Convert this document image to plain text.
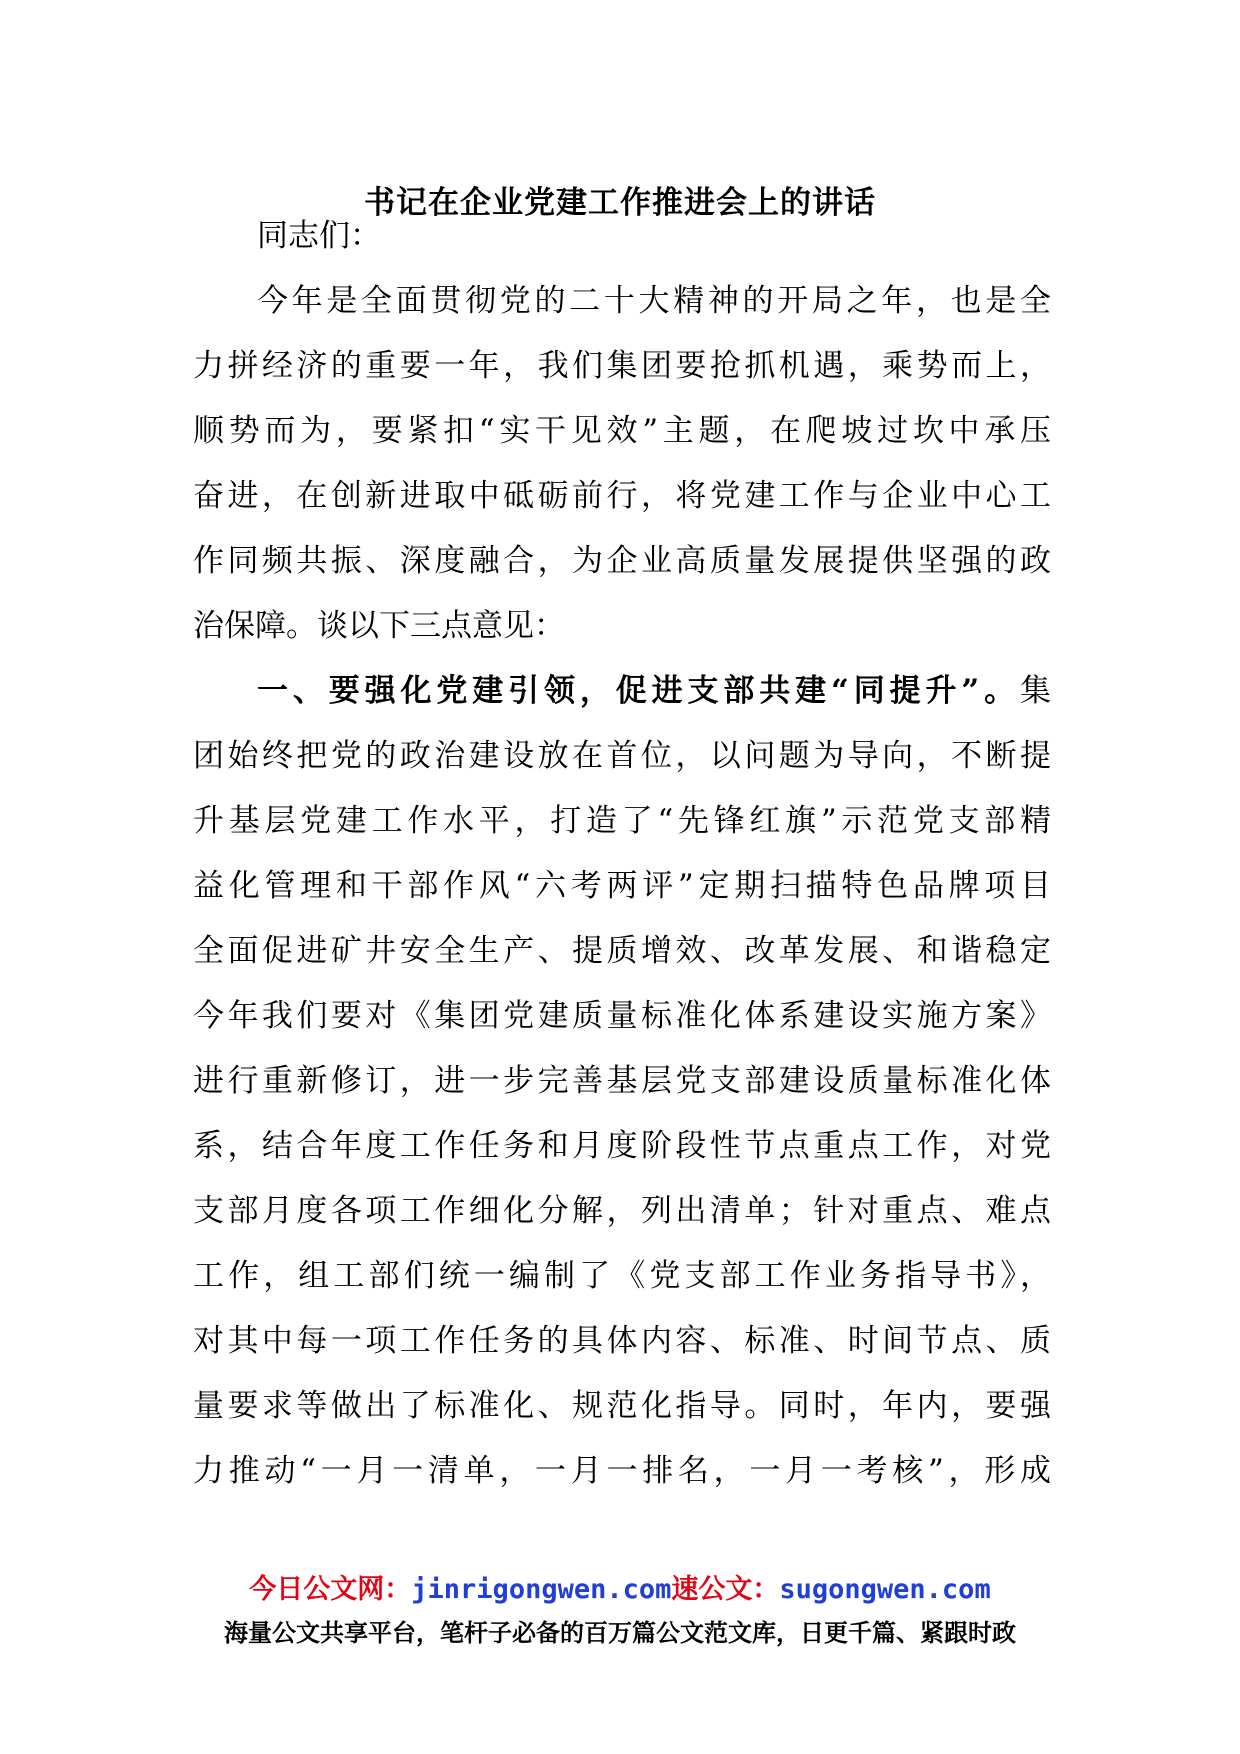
书记在企业党建工作推进会上的讲话
同志们：
今年是全面贯彻党的二十大精神的开局之年，也是全
力拼经济的重要一年，我们集团要抢抓机遇，乘势而上，
顺势而为，要紧扣“实干见效”主题，在爬坡过坎中承压
奋进，在创新进取中砥砺前行，将党建工作与企业中心工
作同频共振、深度融合，为企业高质量发展提供坚强的政
治保障。谈以下三点意见：
一、要强化党建引领，促进支部共建“同提升”。集
团始终把党的政治建设放在首位，以问题为导向，不断提
升基层党建工作水平，打造了“先锋红旗”示范党支部精
益化管理和干部作风“六考两评”定期扫描特色品牌项目
全面促进矿井安全生产、提质增效、改革发展、和谐稳定
今年我们要对《集团党建质量标准化体系建设实施方案》
进行重新修订，进一步完善基层党支部建设质量标准化体
系，结合年度工作任务和月度阶段性节点重点工作，对党
支部月度各项工作细化分解，列出清单；针对重点、难点
工作，组工部们统一编制了《党支部工作业务指导书》，
对其中每一项工作任务的具体内容、标准、时间节点、质
量要求等做出了标准化、规范化指导。同时，年内，要强
力推动“一月一清单，一月一排名，一月一考核”，形成
今日公文网：jinrigongwen.com速公文：sugongwen.com
海量公文共享平台，笔杆子必备的百万篇公文范文库，日更千篇、紧跟时政
